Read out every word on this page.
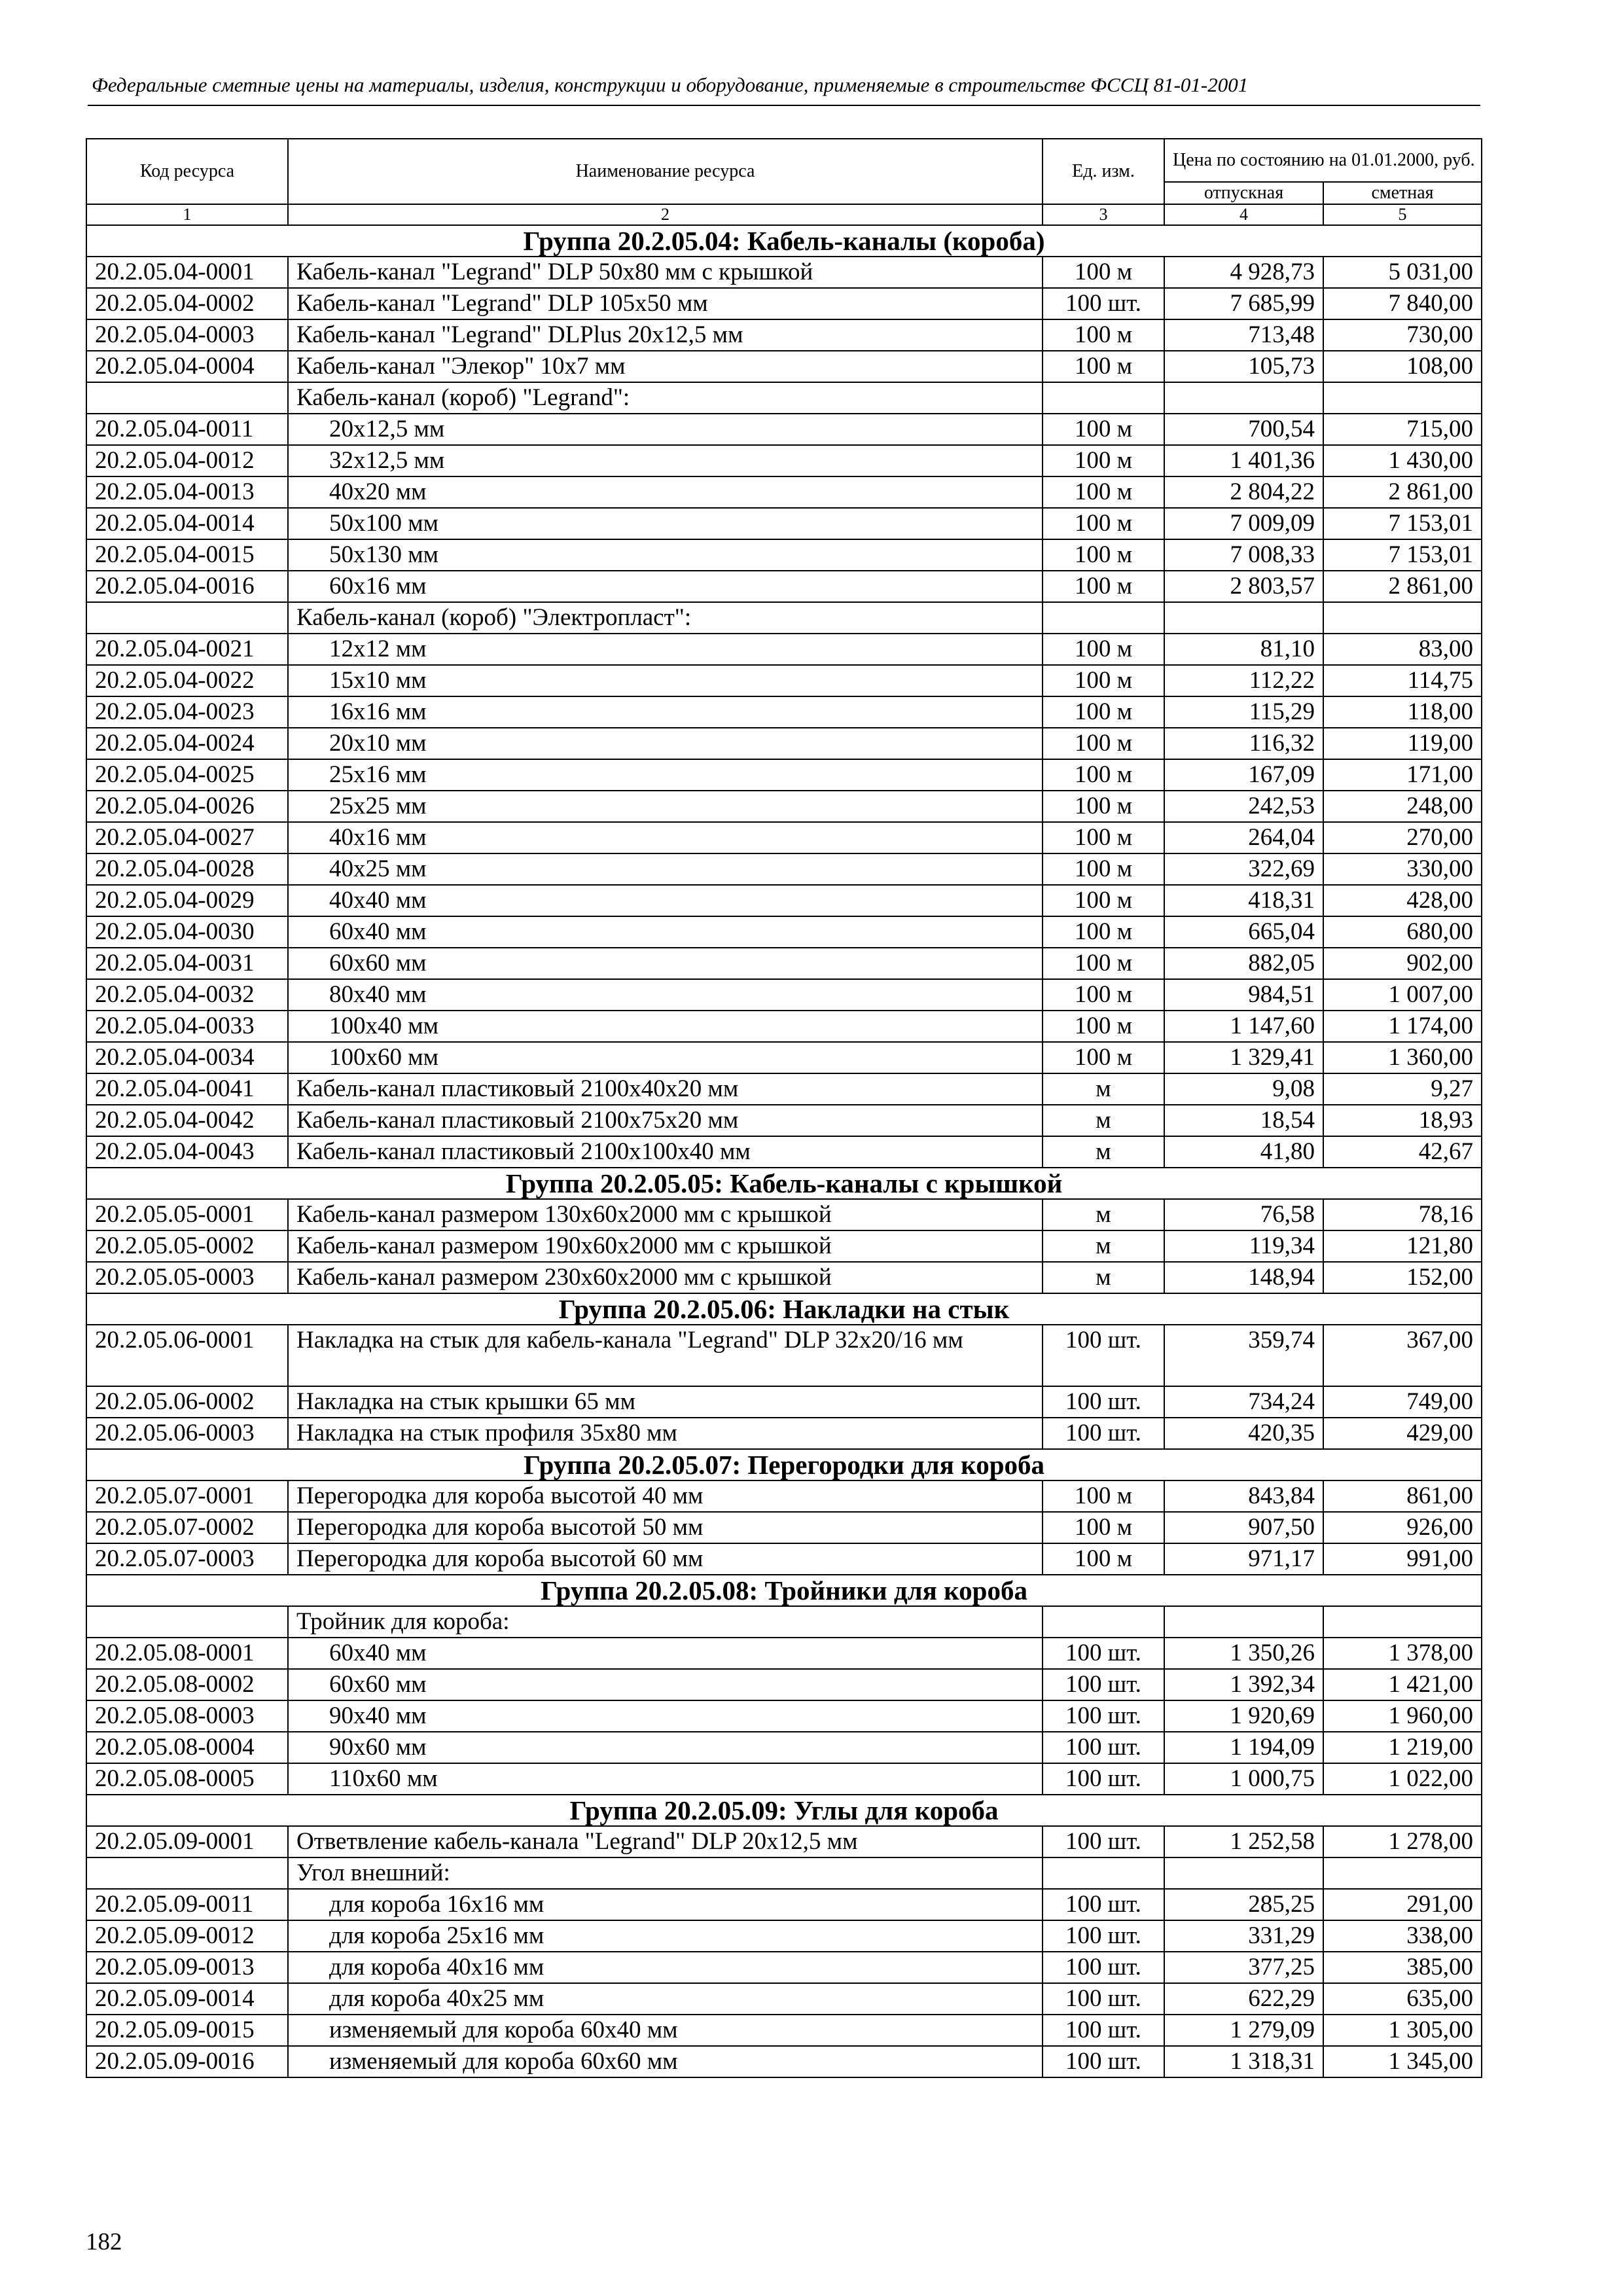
Федеральные сметные цены на материалы, изделия, конструкции и оборудование, применяемые в строительстве ФССЦ 81-01-2001
Код ресурса	Наименование ресурса	Ед. изм.	Цена по состоянию на 01.01.2000, руб.	
			отпускная	сметная
1	2	3	4	5
Группа 20.2.05.04: Кабель-каналы (короба)				
20.2.05.04-0001	Кабель-канал "Legrand" DLP 50x80 мм с крышкой	100 м	4 928,73	5 031,00
20.2.05.04-0002	Кабель-канал "Legrand" DLP 105x50 мм	100 шт.	7 685,99	7 840,00
20.2.05.04-0003	Кабель-канал "Legrand" DLPlus 20x12,5 мм	100 м	713,48	730,00
20.2.05.04-0004	Кабель-канал "Элекор" 10x7 мм	100 м	105,73	108,00
	Кабель-канал (короб) "Legrand":			
20.2.05.04-0011	20x12,5 мм	100 м	700,54	715,00
20.2.05.04-0012	32x12,5 мм	100 м	1 401,36	1 430,00
20.2.05.04-0013	40x20 мм	100 м	2 804,22	2 861,00
20.2.05.04-0014	50x100 мм	100 м	7 009,09	7 153,01
20.2.05.04-0015	50x130 мм	100 м	7 008,33	7 153,01
20.2.05.04-0016	60x16 мм	100 м	2 803,57	2 861,00
	Кабель-канал (короб) "Электропласт":			
20.2.05.04-0021	12x12 мм	100 м	81,10	83,00
20.2.05.04-0022	15x10 мм	100 м	112,22	114,75
20.2.05.04-0023	16x16 мм	100 м	115,29	118,00
20.2.05.04-0024	20x10 мм	100 м	116,32	119,00
20.2.05.04-0025	25x16 мм	100 м	167,09	171,00
20.2.05.04-0026	25x25 мм	100 м	242,53	248,00
20.2.05.04-0027	40x16 мм	100 м	264,04	270,00
20.2.05.04-0028	40x25 мм	100 м	322,69	330,00
20.2.05.04-0029	40x40 мм	100 м	418,31	428,00
20.2.05.04-0030	60x40 мм	100 м	665,04	680,00
20.2.05.04-0031	60x60 мм	100 м	882,05	902,00
20.2.05.04-0032	80x40 мм	100 м	984,51	1 007,00
20.2.05.04-0033	100x40 мм	100 м	1 147,60	1 174,00
20.2.05.04-0034	100x60 мм	100 м	1 329,41	1 360,00
20.2.05.04-0041	Кабель-канал пластиковый 2100x40x20 мм	м	9,08	9,27
20.2.05.04-0042	Кабель-канал пластиковый 2100x75x20 мм	м	18,54	18,93
20.2.05.04-0043	Кабель-канал пластиковый 2100x100x40 мм	м	41,80	42,67
Группа 20.2.05.05: Кабель-каналы с крышкой				
20.2.05.05-0001	Кабель-канал размером 130x60x2000 мм с крышкой	м	76,58	78,16
20.2.05.05-0002	Кабель-канал размером 190x60x2000 мм с крышкой	м	119,34	121,80
20.2.05.05-0003	Кабель-канал размером 230x60x2000 мм с крышкой	м	148,94	152,00
Группа 20.2.05.06: Накладки на стык				
20.2.05.06-0001	Накладка на стык для кабель-канала "Legrand" DLP 32x20/16 мм	100 шт.	359,74	367,00
20.2.05.06-0002	Накладка на стык крышки 65 мм	100 шт.	734,24	749,00
20.2.05.06-0003	Накладка на стык профиля 35x80 мм	100 шт.	420,35	429,00
Группа 20.2.05.07: Перегородки для короба				
20.2.05.07-0001	Перегородка для короба высотой 40 мм	100 м	843,84	861,00
20.2.05.07-0002	Перегородка для короба высотой 50 мм	100 м	907,50	926,00
20.2.05.07-0003	Перегородка для короба высотой 60 мм	100 м	971,17	991,00
Группа 20.2.05.08: Тройники для короба				
	Тройник для короба:			
20.2.05.08-0001	60x40 мм	100 шт.	1 350,26	1 378,00
20.2.05.08-0002	60x60 мм	100 шт.	1 392,34	1 421,00
20.2.05.08-0003	90x40 мм	100 шт.	1 920,69	1 960,00
20.2.05.08-0004	90x60 мм	100 шт.	1 194,09	1 219,00
20.2.05.08-0005	110x60 мм	100 шт.	1 000,75	1 022,00
Группа 20.2.05.09: Углы для короба				
20.2.05.09-0001	Ответвление кабель-канала "Legrand" DLP 20x12,5 мм	100 шт.	1 252,58	1 278,00
	Угол внешний:			
20.2.05.09-0011	для короба 16x16 мм	100 шт.	285,25	291,00
20.2.05.09-0012	для короба 25x16 мм	100 шт.	331,29	338,00
20.2.05.09-0013	для короба 40x16 мм	100 шт.	377,25	385,00
20.2.05.09-0014	для короба 40x25 мм	100 шт.	622,29	635,00
20.2.05.09-0015	изменяемый для короба 60x40 мм	100 шт.	1 279,09	1 305,00
20.2.05.09-0016	изменяемый для короба 60x60 мм	100 шт.	1 318,31	1 345,00
182
